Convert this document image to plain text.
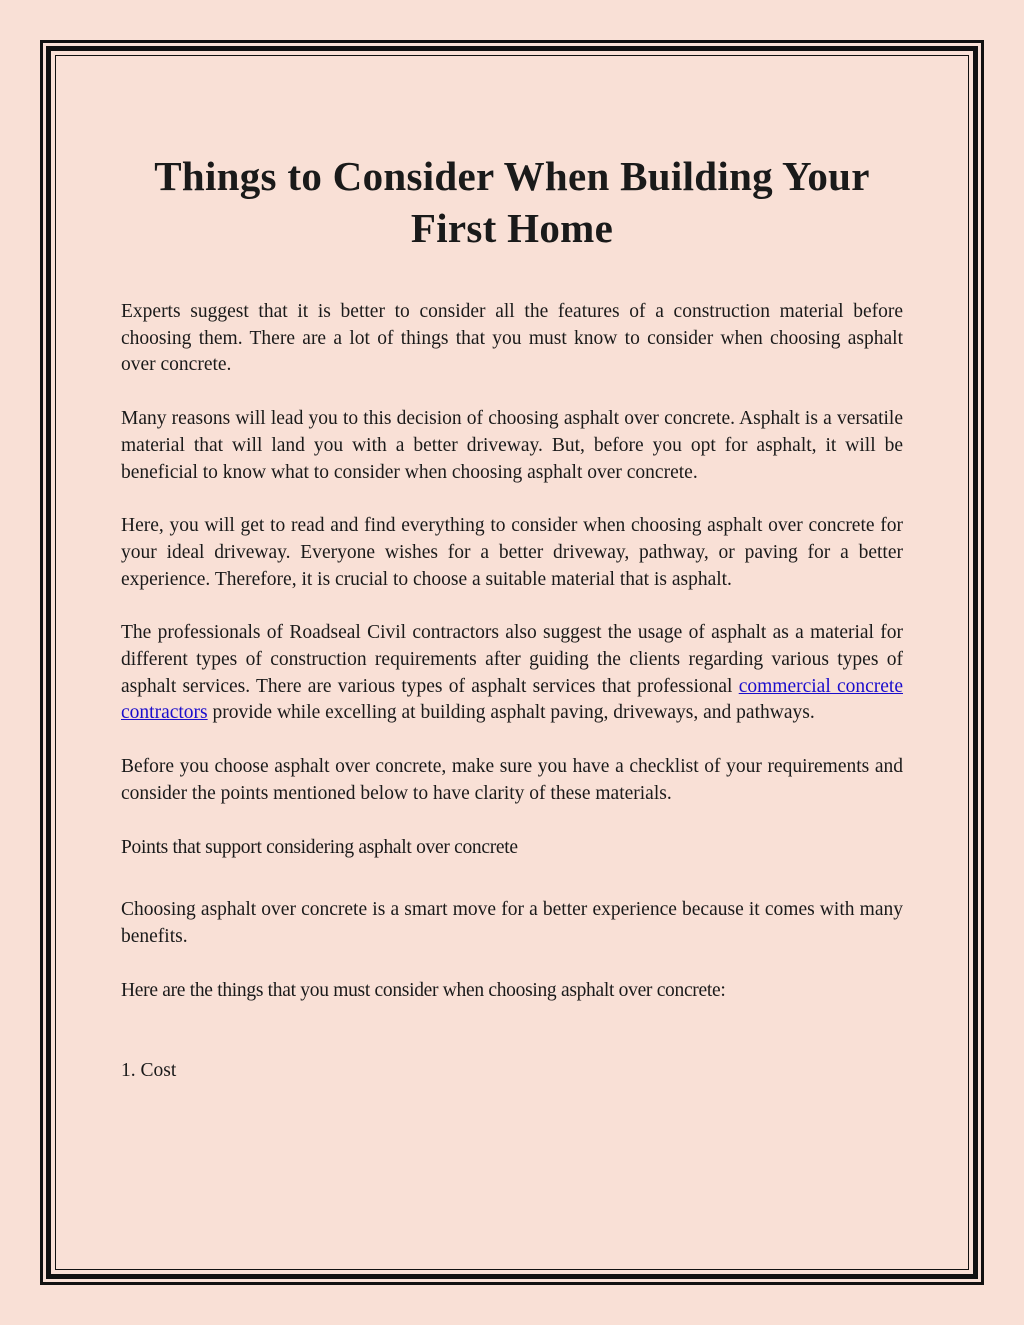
Things to Consider When Building Your First Home

Experts suggest that it is better to consider all the features of a construction material before choosing them. There are a lot of things that you must know to consider when choosing asphalt over concrete.

Many reasons will lead you to this decision of choosing asphalt over concrete. Asphalt is a versatile material that will land you with a better driveway. But, before you opt for asphalt, it will be beneficial to know what to consider when choosing asphalt over concrete.

Here, you will get to read and find everything to consider when choosing asphalt over concrete for your ideal driveway. Everyone wishes for a better driveway, pathway, or paving for a better experience. Therefore, it is crucial to choose a suitable material that is asphalt.

The professionals of Roadseal Civil contractors also suggest the usage of asphalt as a material for different types of construction requirements after guiding the clients regarding various types of asphalt services. There are various types of asphalt services that professional commercial concrete contractors provide while excelling at building asphalt paving, driveways, and pathways.

Before you choose asphalt over concrete, make sure you have a checklist of your requirements and consider the points mentioned below to have clarity of these materials.

Points that support considering asphalt over concrete

Choosing asphalt over concrete is a smart move for a better experience because it comes with many benefits.

Here are the things that you must consider when choosing asphalt over concrete:
1. Cost
